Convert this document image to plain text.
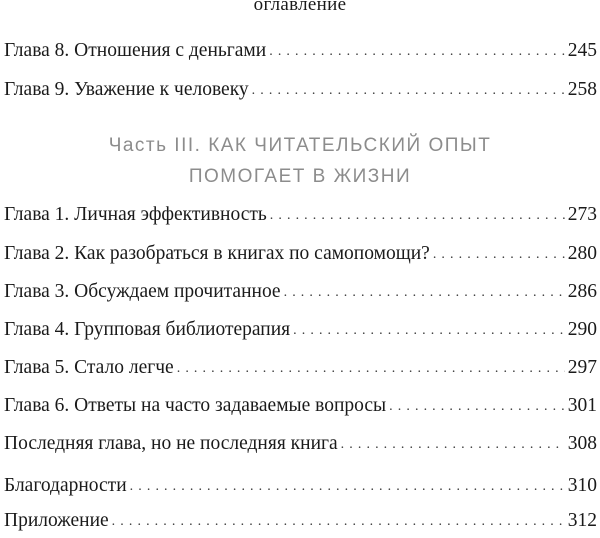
оглавление
Глава 8. Отношения с деньгами . . .	245
Глава 9. Уважение к человеку . . .	258
Часть III. КАК ЧИТАТЕЛЬСКИЙ ОПЫТ
ПОМОГАЕТ В ЖИЗНИ
Глава 1. Личная эффективность . . .	273
Глава 2. Как разобраться в книгах по самопомощи? . . .	280
Глава 3. Обсуждаем прочитанное . . .	286
Глава 4. Групповая библиотерапия . . .	290
Глава 5. Стало легче . . .	297
Глава 6. Ответы на часто задаваемые вопросы . . .	301
Последняя глава, но не последняя книга . . .	308
Благодарности . . .	310
Приложение . . .	312
